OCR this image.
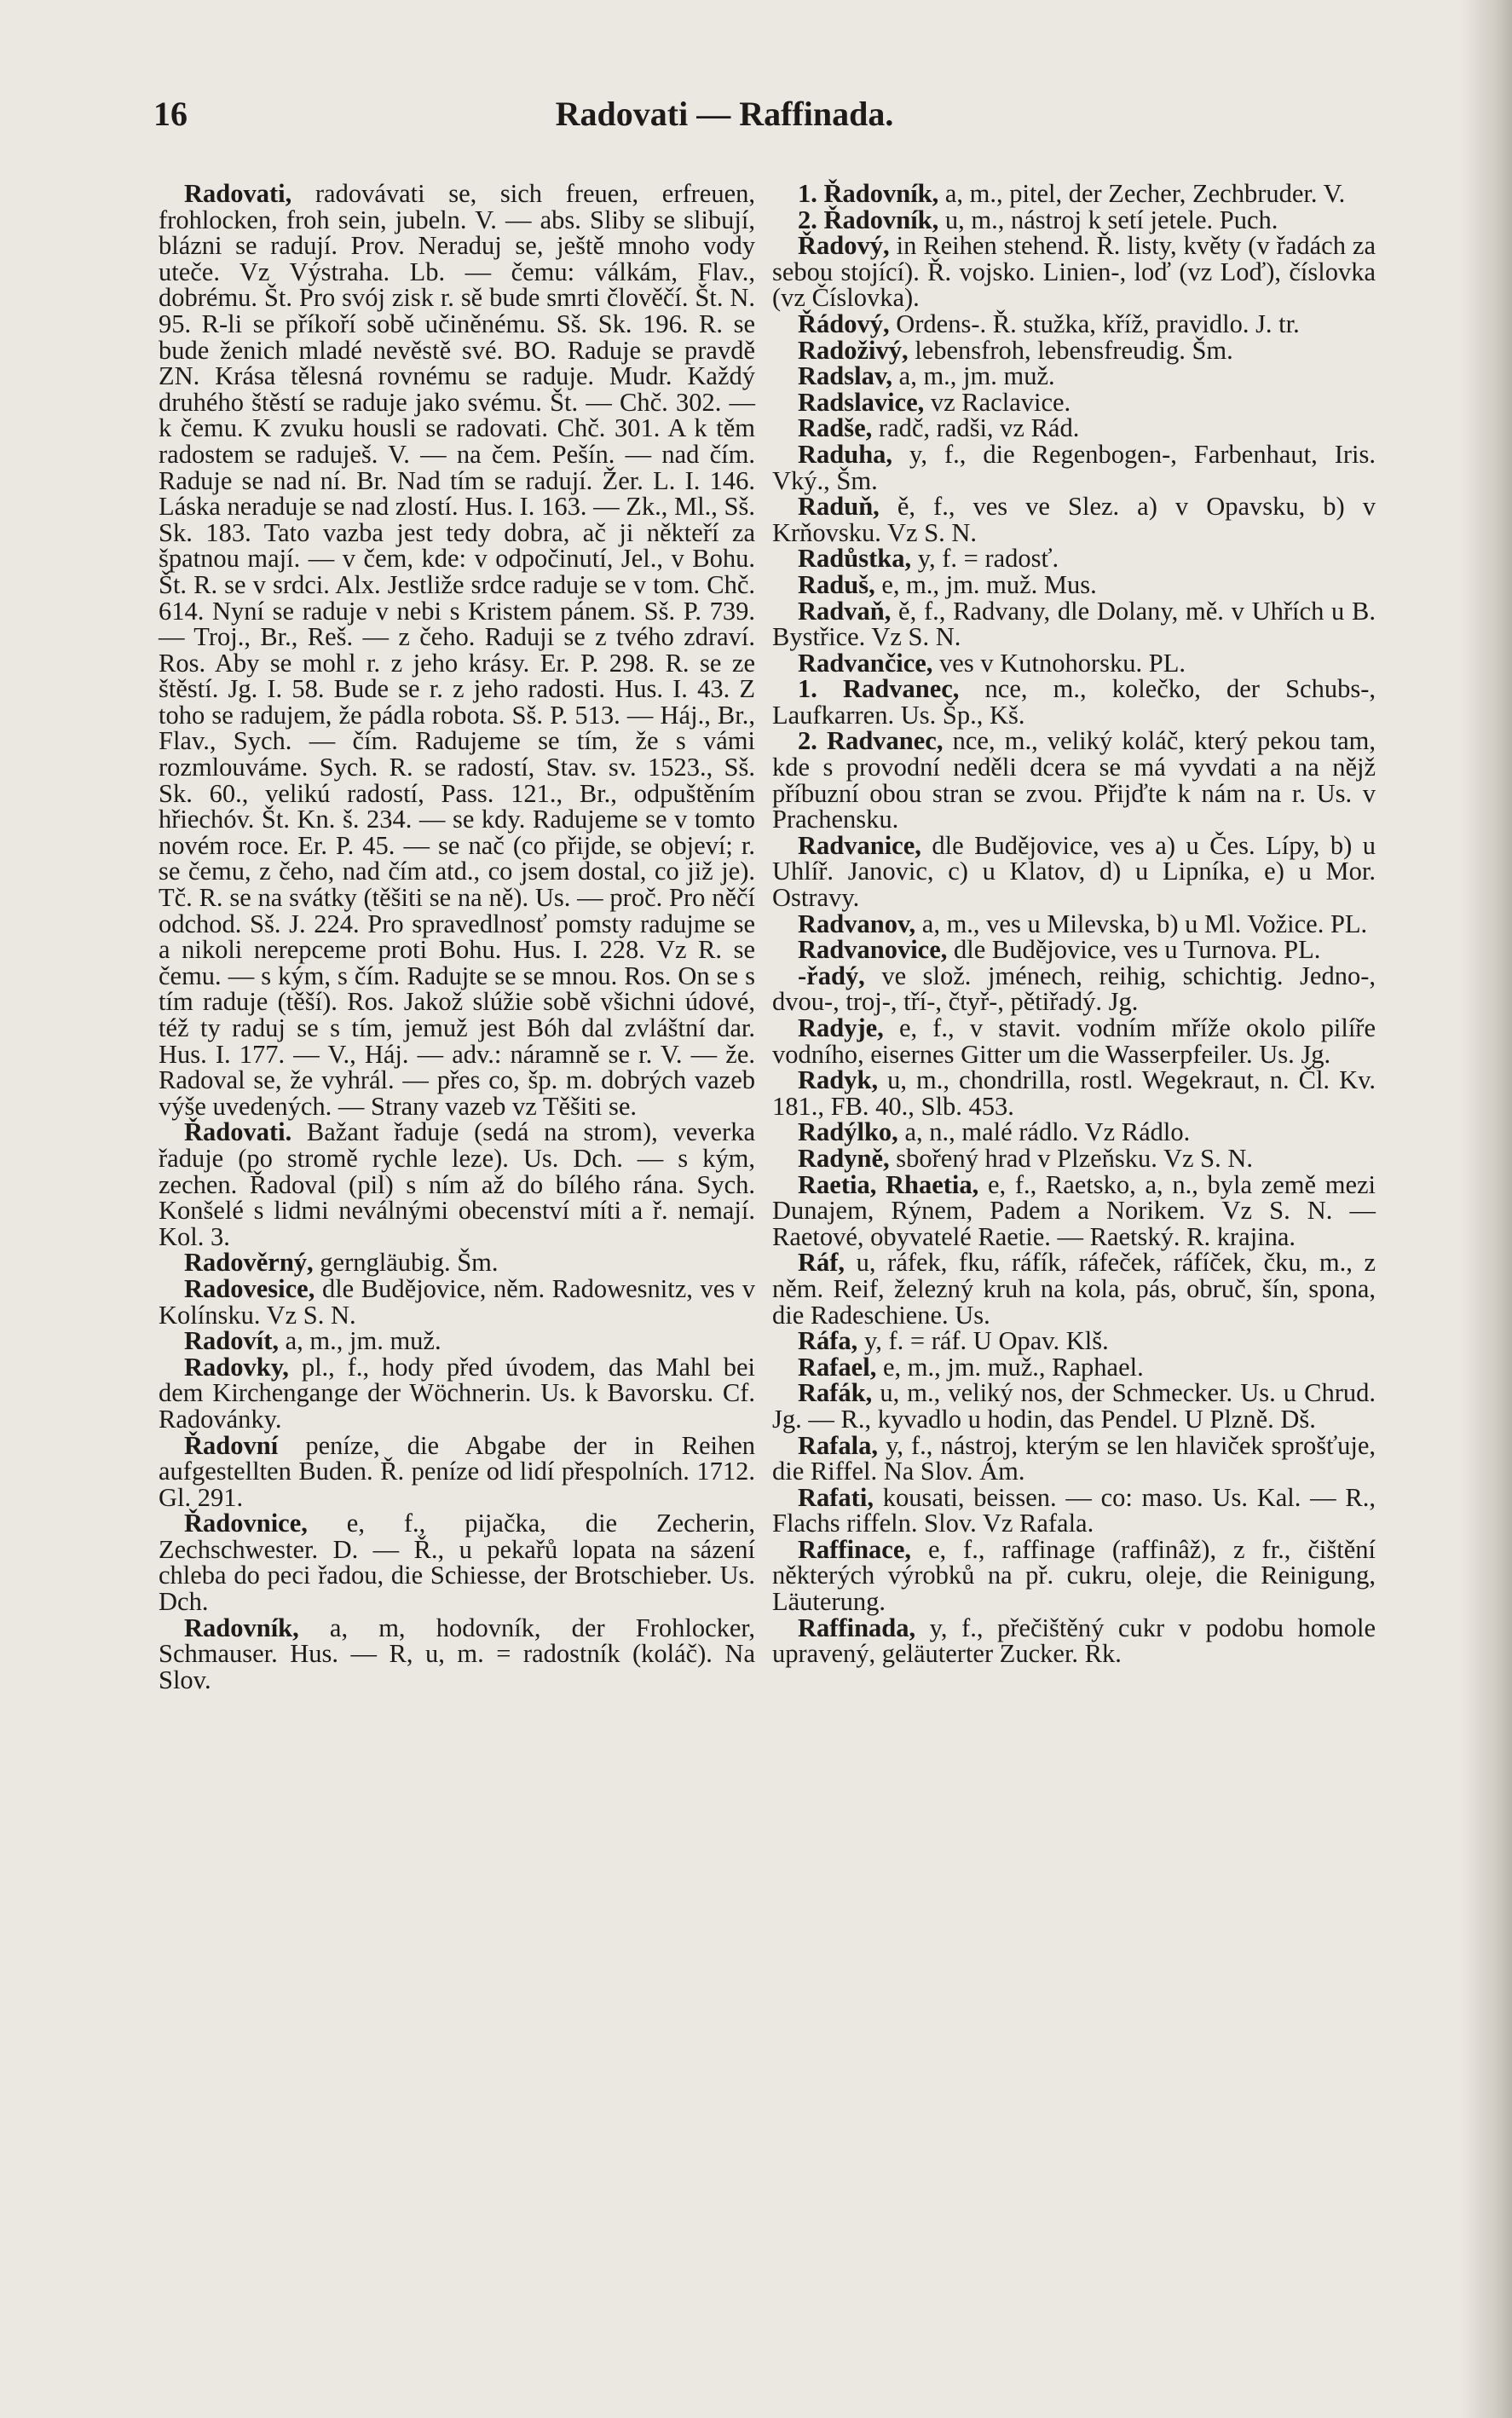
16	Radovati — Raffinada.

Radovati, radovávati se, sich freuen, erfreuen, frohlocken, froh sein, jubeln. V. — abs. Sliby se slibují, blázni se radují. Prov. Neraduj se, ještě mnoho vody uteče. Vz Výstraha. Lb. — čemu: válkám, Flav., dobrému. Št. Pro svój zisk r. sě bude smrti člověčí. Št. N. 95. R-li se příkoří sobě učiněnému. Sš. Sk. 196. R. se bude ženich mladé nevěstě své. BO. Raduje se pravdě ZN. Krása tělesná rovnému se raduje. Mudr. Každý druhého štěstí se raduje jako svému. Št. — Chč. 302. — k čemu. K zvuku housli se radovati. Chč. 301. A k těm radostem se raduješ. V. — na čem. Pešín. — nad čím. Raduje se nad ní. Br. Nad tím se radují. Žer. L. I. 146. Láska neraduje se nad zlostí. Hus. I. 163. — Zk., Ml., Sš. Sk. 183. Tato vazba jest tedy dobra, ač ji někteří za špatnou mají. — v čem, kde: v odpočinutí, Jel., v Bohu. Št. R. se v srdci. Alx. Jestliže srdce raduje se v tom. Chč. 614. Nyní se raduje v nebi s Kristem pánem. Sš. P. 739. — Troj., Br., Reš. — z čeho. Raduji se z tvého zdraví. Ros. Aby se mohl r. z jeho krásy. Er. P. 298. R. se ze štěstí. Jg. I. 58. Bude se r. z jeho radosti. Hus. I. 43. Z toho se radujem, že pádla robota. Sš. P. 513. — Háj., Br., Flav., Sych. — čím. Radujeme se tím, že s vámi rozmlouváme. Sych. R. se radostí, Stav. sv. 1523., Sš. Sk. 60., velikú radostí, Pass. 121., Br., odpuštěním hřiechóv. Št. Kn. š. 234. — se kdy. Radujeme se v tomto novém roce. Er. P. 45. — se nač (co přijde, se objeví; r. se čemu, z čeho, nad čím atd., co jsem dostal, co již je). Tč. R. se na svátky (těšiti se na ně). Us. — proč. Pro něčí odchod. Sš. J. 224. Pro spravedlnosť pomsty radujme se a nikoli nerepceme proti Bohu. Hus. I. 228. Vz R. se čemu. — s kým, s čím. Radujte se se mnou. Ros. On se s tím raduje (těší). Ros. Jakož slúžie sobě všichni údové, též ty raduj se s tím, jemuž jest Bóh dal zvláštní dar. Hus. I. 177. — V., Háj. — adv.: náramně se r. V. — že. Radoval se, že vyhrál. — přes co, šp. m. dobrých vazeb výše uvedených. — Strany vazeb vz Těšiti se.

Řadovati. Bažant řaduje (sedá na strom), veverka řaduje (po stromě rychle leze). Us. Dch. — s kým, zechen. Řadoval (pil) s ním až do bílého rána. Sych. Konšelé s lidmi neválnými obecenství míti a ř. nemají. Kol. 3.

Radověrný, gerngläubig. Šm.

Radovesice, dle Budějovice, něm. Radowesnitz, ves v Kolínsku. Vz S. N.

Radovít, a, m., jm. muž.

Radovky, pl., f., hody před úvodem, das Mahl bei dem Kirchengange der Wöchnerin. Us. k Bavorsku. Cf. Radovánky.

Řadovní peníze, die Abgabe der in Reihen aufgestellten Buden. Ř. peníze od lidí přespolních. 1712. Gl. 291.

Řadovnice, e, f., pijačka, die Zecherin, Zechschwester. D. — Ř., u pekařů lopata na sázení chleba do peci řadou, die Schiesse, der Brotschieber. Us. Dch.

Radovník, a, m, hodovník, der Frohlocker, Schmauser. Hus. — R, u, m. = radostník (koláč). Na Slov.

1. Řadovník, a, m., pitel, der Zecher, Zechbruder. V.

2. Řadovník, u, m., nástroj k setí jetele. Puch.

Řadový, in Reihen stehend. Ř. listy, květy (v řadách za sebou stojící). Ř. vojsko. Linien-, loď (vz Loď), číslovka (vz Číslovka).

Řádový, Ordens-. Ř. stužka, kříž, pravidlo. J. tr.

Radoživý, lebensfroh, lebensfreudig. Šm.

Radslav, a, m., jm. muž.

Radslavice, vz Raclavice.

Radše, radč, radši, vz Rád.

Raduha, y, f., die Regenbogen-, Farbenhaut, Iris. Vký., Šm.

Raduň, ě, f., ves ve Slez. a) v Opavsku, b) v Krňovsku. Vz S. N.

Radůstka, y, f. = radosť.

Raduš, e, m., jm. muž. Mus.

Radvaň, ě, f., Radvany, dle Dolany, mě. v Uhřích u B. Bystřice. Vz S. N.

Radvančice, ves v Kutnohorsku. PL.

1. Radvanec, nce, m., kolečko, der Schubs-, Laufkarren. Us. Šp., Kš.

2. Radvanec, nce, m., veliký koláč, který pekou tam, kde s provodní neděli dcera se má vyvdati a na nějž příbuzní obou stran se zvou. Přijďte k nám na r. Us. v Prachensku.

Radvanice, dle Budějovice, ves a) u Čes. Lípy, b) u Uhlíř. Janovic, c) u Klatov, d) u Lipníka, e) u Mor. Ostravy.

Radvanov, a, m., ves u Milevska, b) u Ml. Vožice. PL.

Radvanovice, dle Budějovice, ves u Turnova. PL.

-řadý, ve slož. jménech, reihig, schichtig. Jedno-, dvou-, troj-, tří-, čtyř-, pětiřadý. Jg.

Radyje, e, f., v stavit. vodním mříže okolo pilíře vodního, eisernes Gitter um die Wasserpfeiler. Us. Jg.

Radyk, u, m., chondrilla, rostl. Wegekraut, n. Čl. Kv. 181., FB. 40., Slb. 453.

Radýlko, a, n., malé rádlo. Vz Rádlo.

Radyně, sbořený hrad v Plzeňsku. Vz S. N.

Raetia, Rhaetia, e, f., Raetsko, a, n., byla země mezi Dunajem, Rýnem, Padem a Norikem. Vz S. N. — Raetové, obyvatelé Raetie. — Raetský. R. krajina.

Ráf, u, ráfek, fku, ráfík, ráfeček, ráfíček, čku, m., z něm. Reif, železný kruh na kola, pás, obruč, šín, spona, die Radeschiene. Us.

Ráfa, y, f. = ráf. U Opav. Klš.

Rafael, e, m., jm. muž., Raphael.

Rafák, u, m., veliký nos, der Schmecker. Us. u Chrud. Jg. — R., kyvadlo u hodin, das Pendel. U Plzně. Dš.

Rafala, y, f., nástroj, kterým se len hlaviček sprošťuje, die Riffel. Na Slov. Ám.

Rafati, kousati, beissen. — co: maso. Us. Kal. — R., Flachs riffeln. Slov. Vz Rafala.

Raffinace, e, f., raffinage (raffinâž), z fr., čištění některých výrobků na př. cukru, oleje, die Reinigung, Läuterung.

Raffinada, y, f., přečištěný cukr v podobu homole upravený, geläuterter Zucker. Rk.
